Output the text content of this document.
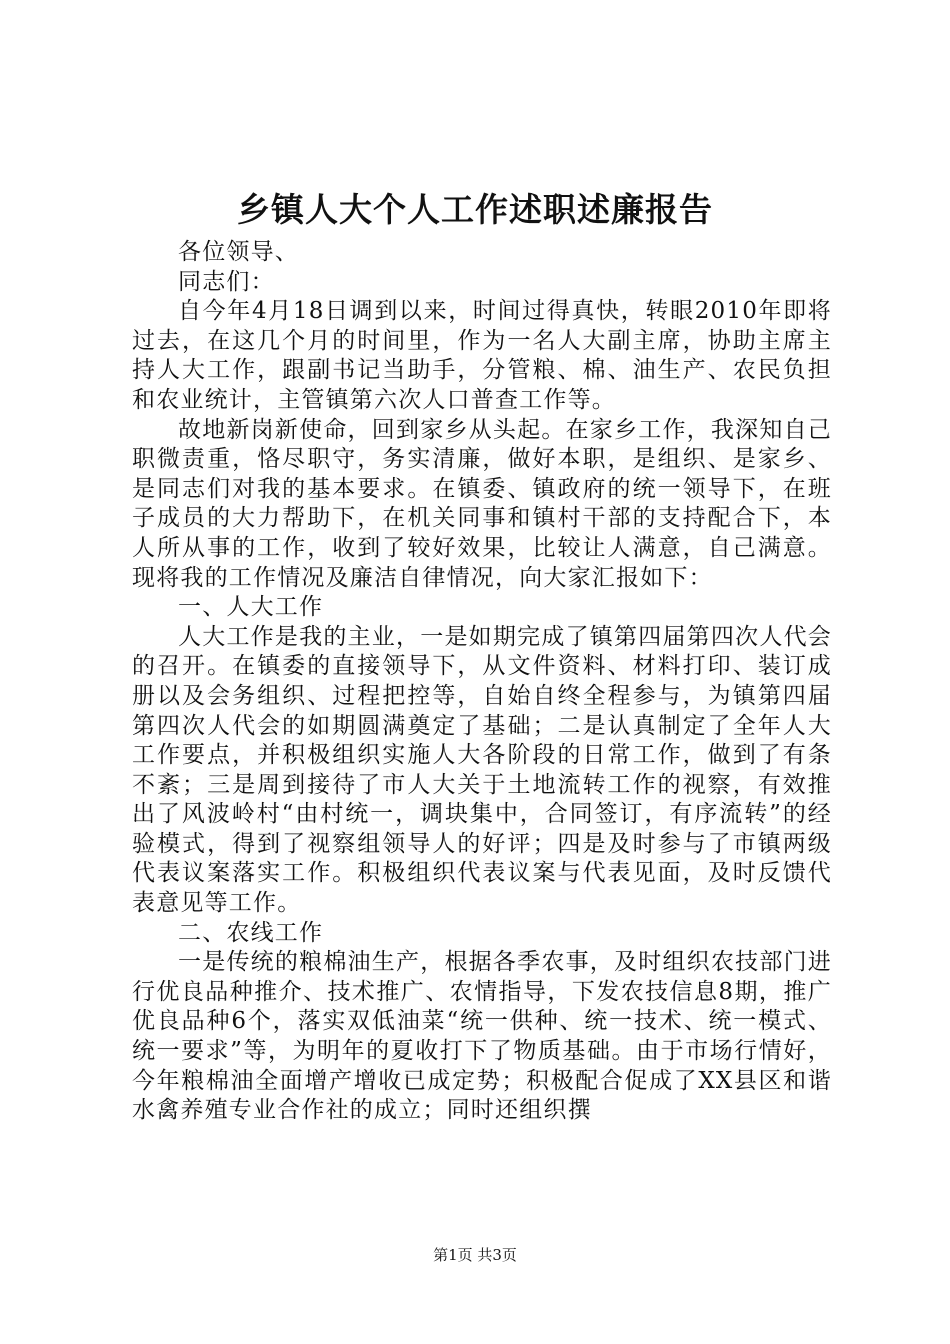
乡镇人大个人工作述职述廉报告

各位领导、

同志们：

自今年4月18日调到以来，时间过得真快，转眼2010年即将过去，在这几个月的时间里，作为一名人大副主席，协助主席主持人大工作，跟副书记当助手，分管粮、棉、油生产、农民负担和农业统计，主管镇第六次人口普查工作等。

故地新岗新使命，回到家乡从头起。在家乡工作，我深知自己职微责重，恪尽职守，务实清廉，做好本职，是组织、是家乡、是同志们对我的基本要求。在镇委、镇政府的统一领导下，在班子成员的大力帮助下，在机关同事和镇村干部的支持配合下，本人所从事的工作，收到了较好效果，比较让人满意，自己满意。现将我的工作情况及廉洁自律情况，向大家汇报如下：

一、人大工作

人大工作是我的主业，一是如期完成了镇第四届第四次人代会的召开。在镇委的直接领导下，从文件资料、材料打印、装订成册以及会务组织、过程把控等，自始自终全程参与，为镇第四届第四次人代会的如期圆满奠定了基础；二是认真制定了全年人大工作要点，并积极组织实施人大各阶段的日常工作，做到了有条不紊；三是周到接待了市人大关于土地流转工作的视察，有效推出了风波岭村“由村统一，调块集中，合同签订，有序流转”的经验模式，得到了视察组领导人的好评；四是及时参与了市镇两级代表议案落实工作。积极组织代表议案与代表见面，及时反馈代表意见等工作。

二、农线工作

一是传统的粮棉油生产，根据各季农事，及时组织农技部门进行优良品种推介、技术推广、农情指导，下发农技信息8期，推广优良品种6个，落实双低油菜“统一供种、统一技术、统一模式、统一要求”等，为明年的夏收打下了物质基础。由于市场行情好，今年粮棉油全面增产增收已成定势；积极配合促成了XX县区和谐水禽养殖专业合作社的成立；同时还组织撰

第1页 共3页
